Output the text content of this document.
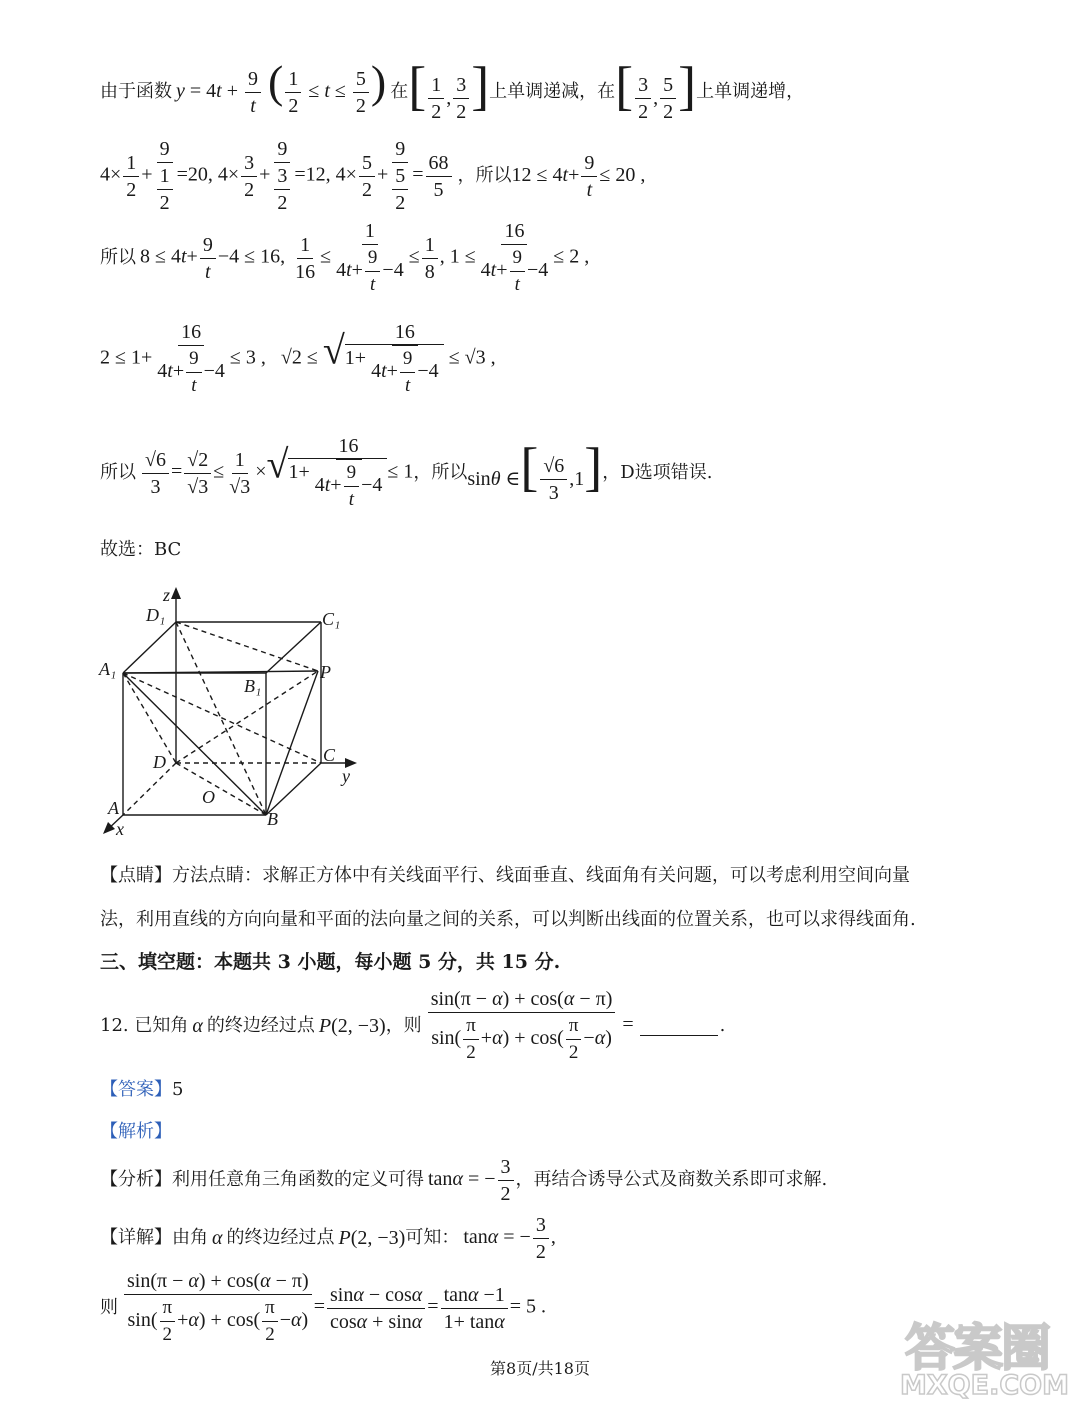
由于函数 $y = 4t + \frac{9}{t}$ ( $\frac{1}{2} \le t \le \frac{5}{2}$ ) 在 [ $\frac{1}{2}$ , $\frac{3}{2}$ ] 上单调递减，在 [ $\frac{3}{2}$ , $\frac{5}{2}$ ] 上单调递增，
$4\times \frac{1}{2} + \frac{9}{\frac{1}{2}} =20$, $4\times \frac{3}{2} + \frac{9}{\frac{3}{2}} =12$, $4\times \frac{5}{2} + \frac{9}{\frac{5}{2}} = \frac{68}{5}$ ，所以 $12 \le 4t+ \frac{9}{t} \le 20$ ,
所以 $8 \le 4t+ \frac{9}{t} -4 \le 16$, $\frac{1}{16} \le \frac{1}{4t+ \frac{9}{t} -4} \le \frac{1}{8}$ , $1 \le \frac{16}{4t+ \frac{9}{t} -4} \le 2$ ,
$2 \le 1+ \frac{16}{4t+ \frac{9}{t} -4} \le 3$ ,   $√2 \le √1+ \frac{16}{4t+ \frac{9}{t} -4} \le √3$ ,
所以 $\frac{√6}{3} = \frac{√2}{√3} \le \frac{1}{√3} \times√1+ \frac{16}{4t+ \frac{9}{t} -4} \le 1$ ，所以 sinθ ∈[ $\frac{√6}{3} ,1$] ，D选项错误.
故选：BC
z
D₁	C₁
A₁
B₁
P
C
y
D
O
A
B
x
【点睛】方法点睛：求解正方体中有关线面平行、线面垂直、线面角有关问题，可以考虑利用空间向量
法，利用直线的方向向量和平面的法向量之间的关系，可以判断出线面的位置关系，也可以求得线面角.
三、填空题：本题共 3 小题，每小题 5 分，共 15 分.
12. 已知角 α 的终边经过点 P(2, −3) ，则 $\frac{\sin(\pi - \alpha) + \cos(\alpha - \pi)}{\sin( \frac{\pi}{2} +\alpha) + \cos( \frac{\pi}{2} -\alpha)}$ =	.
【答案】5
【解析】
【分析】 利用任意角三角函数的定义可得 tanα = − $\frac{3}{2}$ ，再结合诱导公式及商数关系即可求解.
【详解】 由角 α 的终边经过点 P(2, −3) 可知： tanα = − $\frac{3}{2}$ ,
则 $\frac{\sin(\pi - \alpha) + \cos(\alpha - \pi)}{\sin( \frac{\pi}{2} +\alpha) + \cos( \frac{\pi}{2} -\alpha)} = \frac{\sin\alpha - \cos\alpha}{\cos\alpha + \sin\alpha} = \frac{\tan\alpha -1}{1+ \tan\alpha} = 5$ .
答案圈
MXQE.COM
第8页/共18页
